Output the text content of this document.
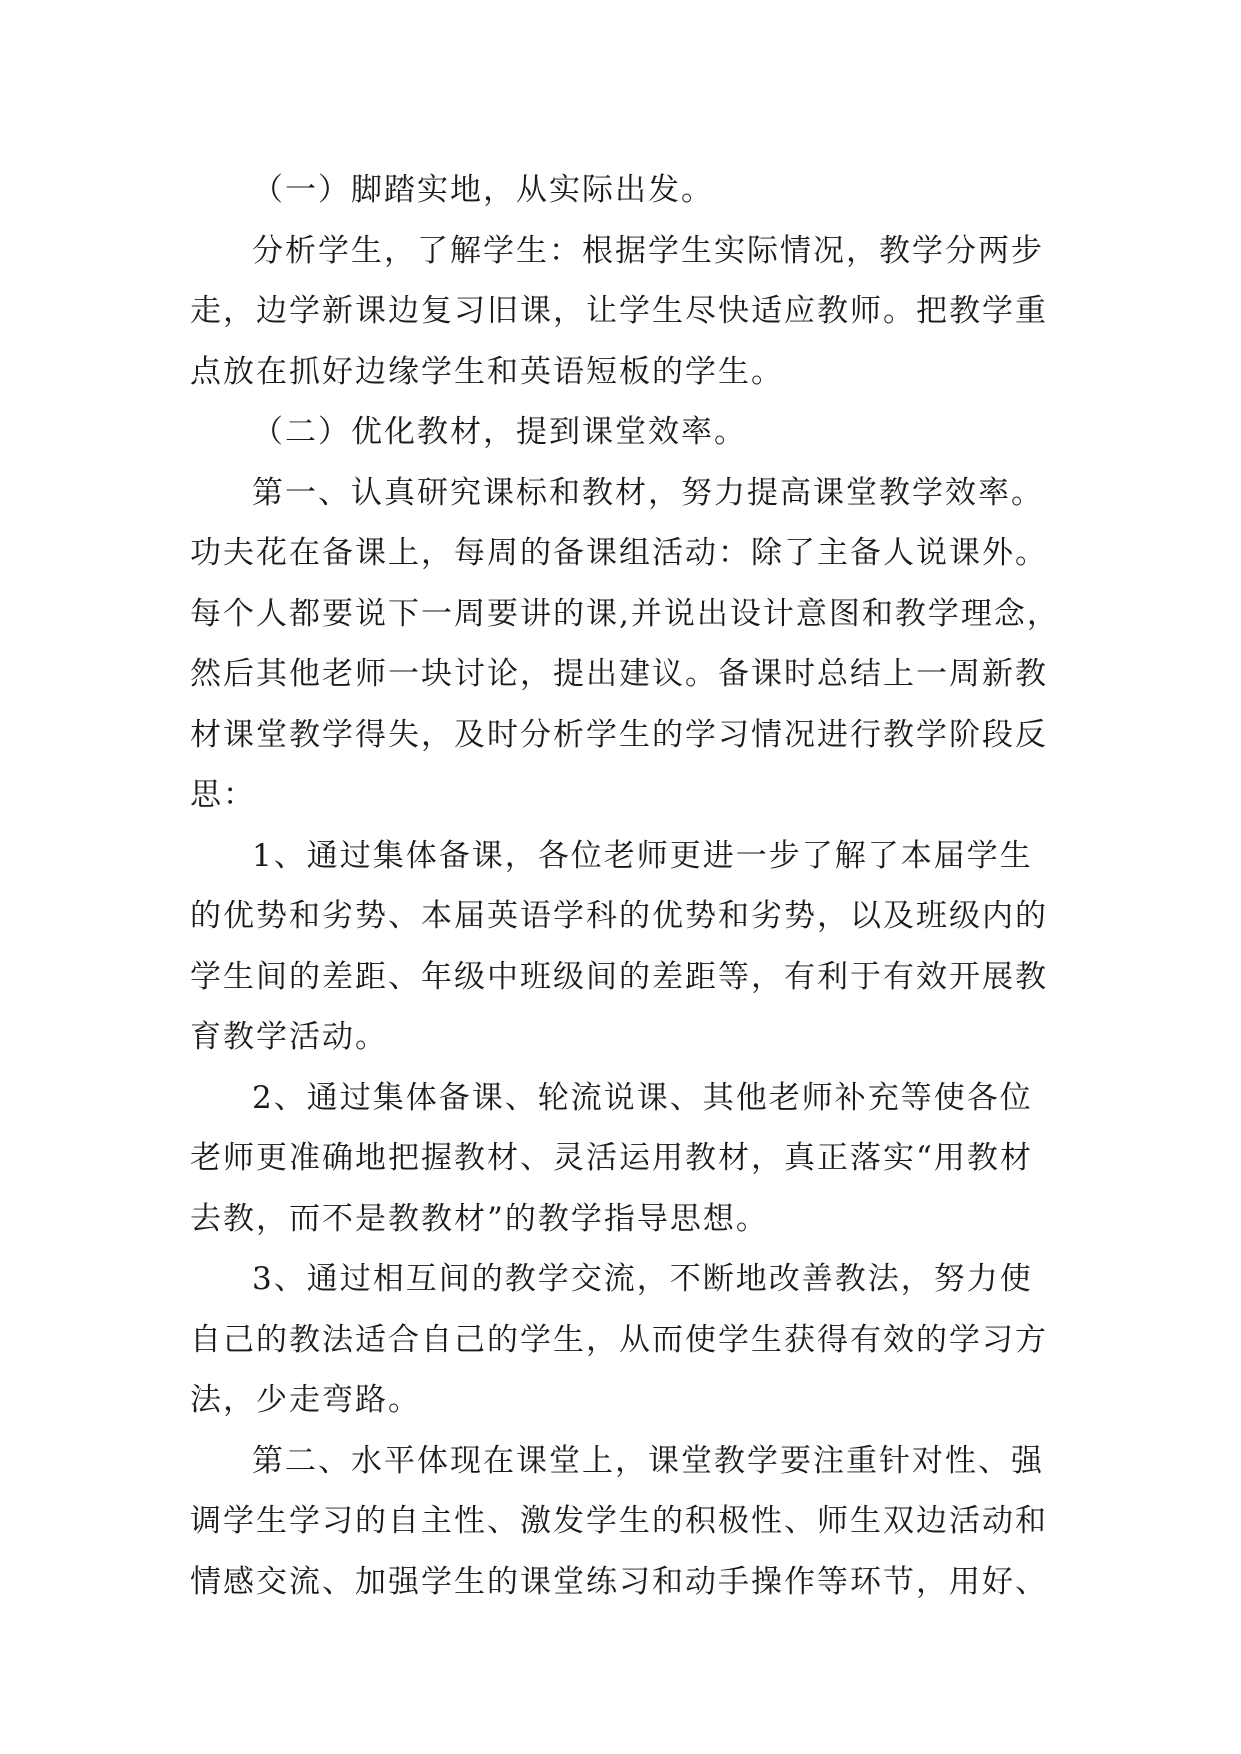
（一）脚踏实地，从实际出发。

分析学生，了解学生：根据学生实际情况，教学分两步
走，边学新课边复习旧课，让学生尽快适应教师。把教学重
点放在抓好边缘学生和英语短板的学生。

（二）优化教材，提到课堂效率。

第一、认真研究课标和教材，努力提高课堂教学效率。
功夫花在备课上，每周的备课组活动：除了主备人说课外。
每个人都要说下一周要讲的课,并说出设计意图和教学理念，
然后其他老师一块讨论，提出建议。备课时总结上一周新教
材课堂教学得失，及时分析学生的学习情况进行教学阶段反
思：

1、通过集体备课，各位老师更进一步了解了本届学生
的优势和劣势、本届英语学科的优势和劣势，以及班级内的
学生间的差距、年级中班级间的差距等，有利于有效开展教
育教学活动。

2、通过集体备课、轮流说课、其他老师补充等使各位
老师更准确地把握教材、灵活运用教材，真正落实“用教材
去教，而不是教教材”的教学指导思想。

3、通过相互间的教学交流，不断地改善教法，努力使
自己的教法适合自己的学生，从而使学生获得有效的学习方
法，少走弯路。

第二、水平体现在课堂上，课堂教学要注重针对性、强
调学生学习的自主性、激发学生的积极性、师生双边活动和
情感交流、加强学生的课堂练习和动手操作等环节，用好、
